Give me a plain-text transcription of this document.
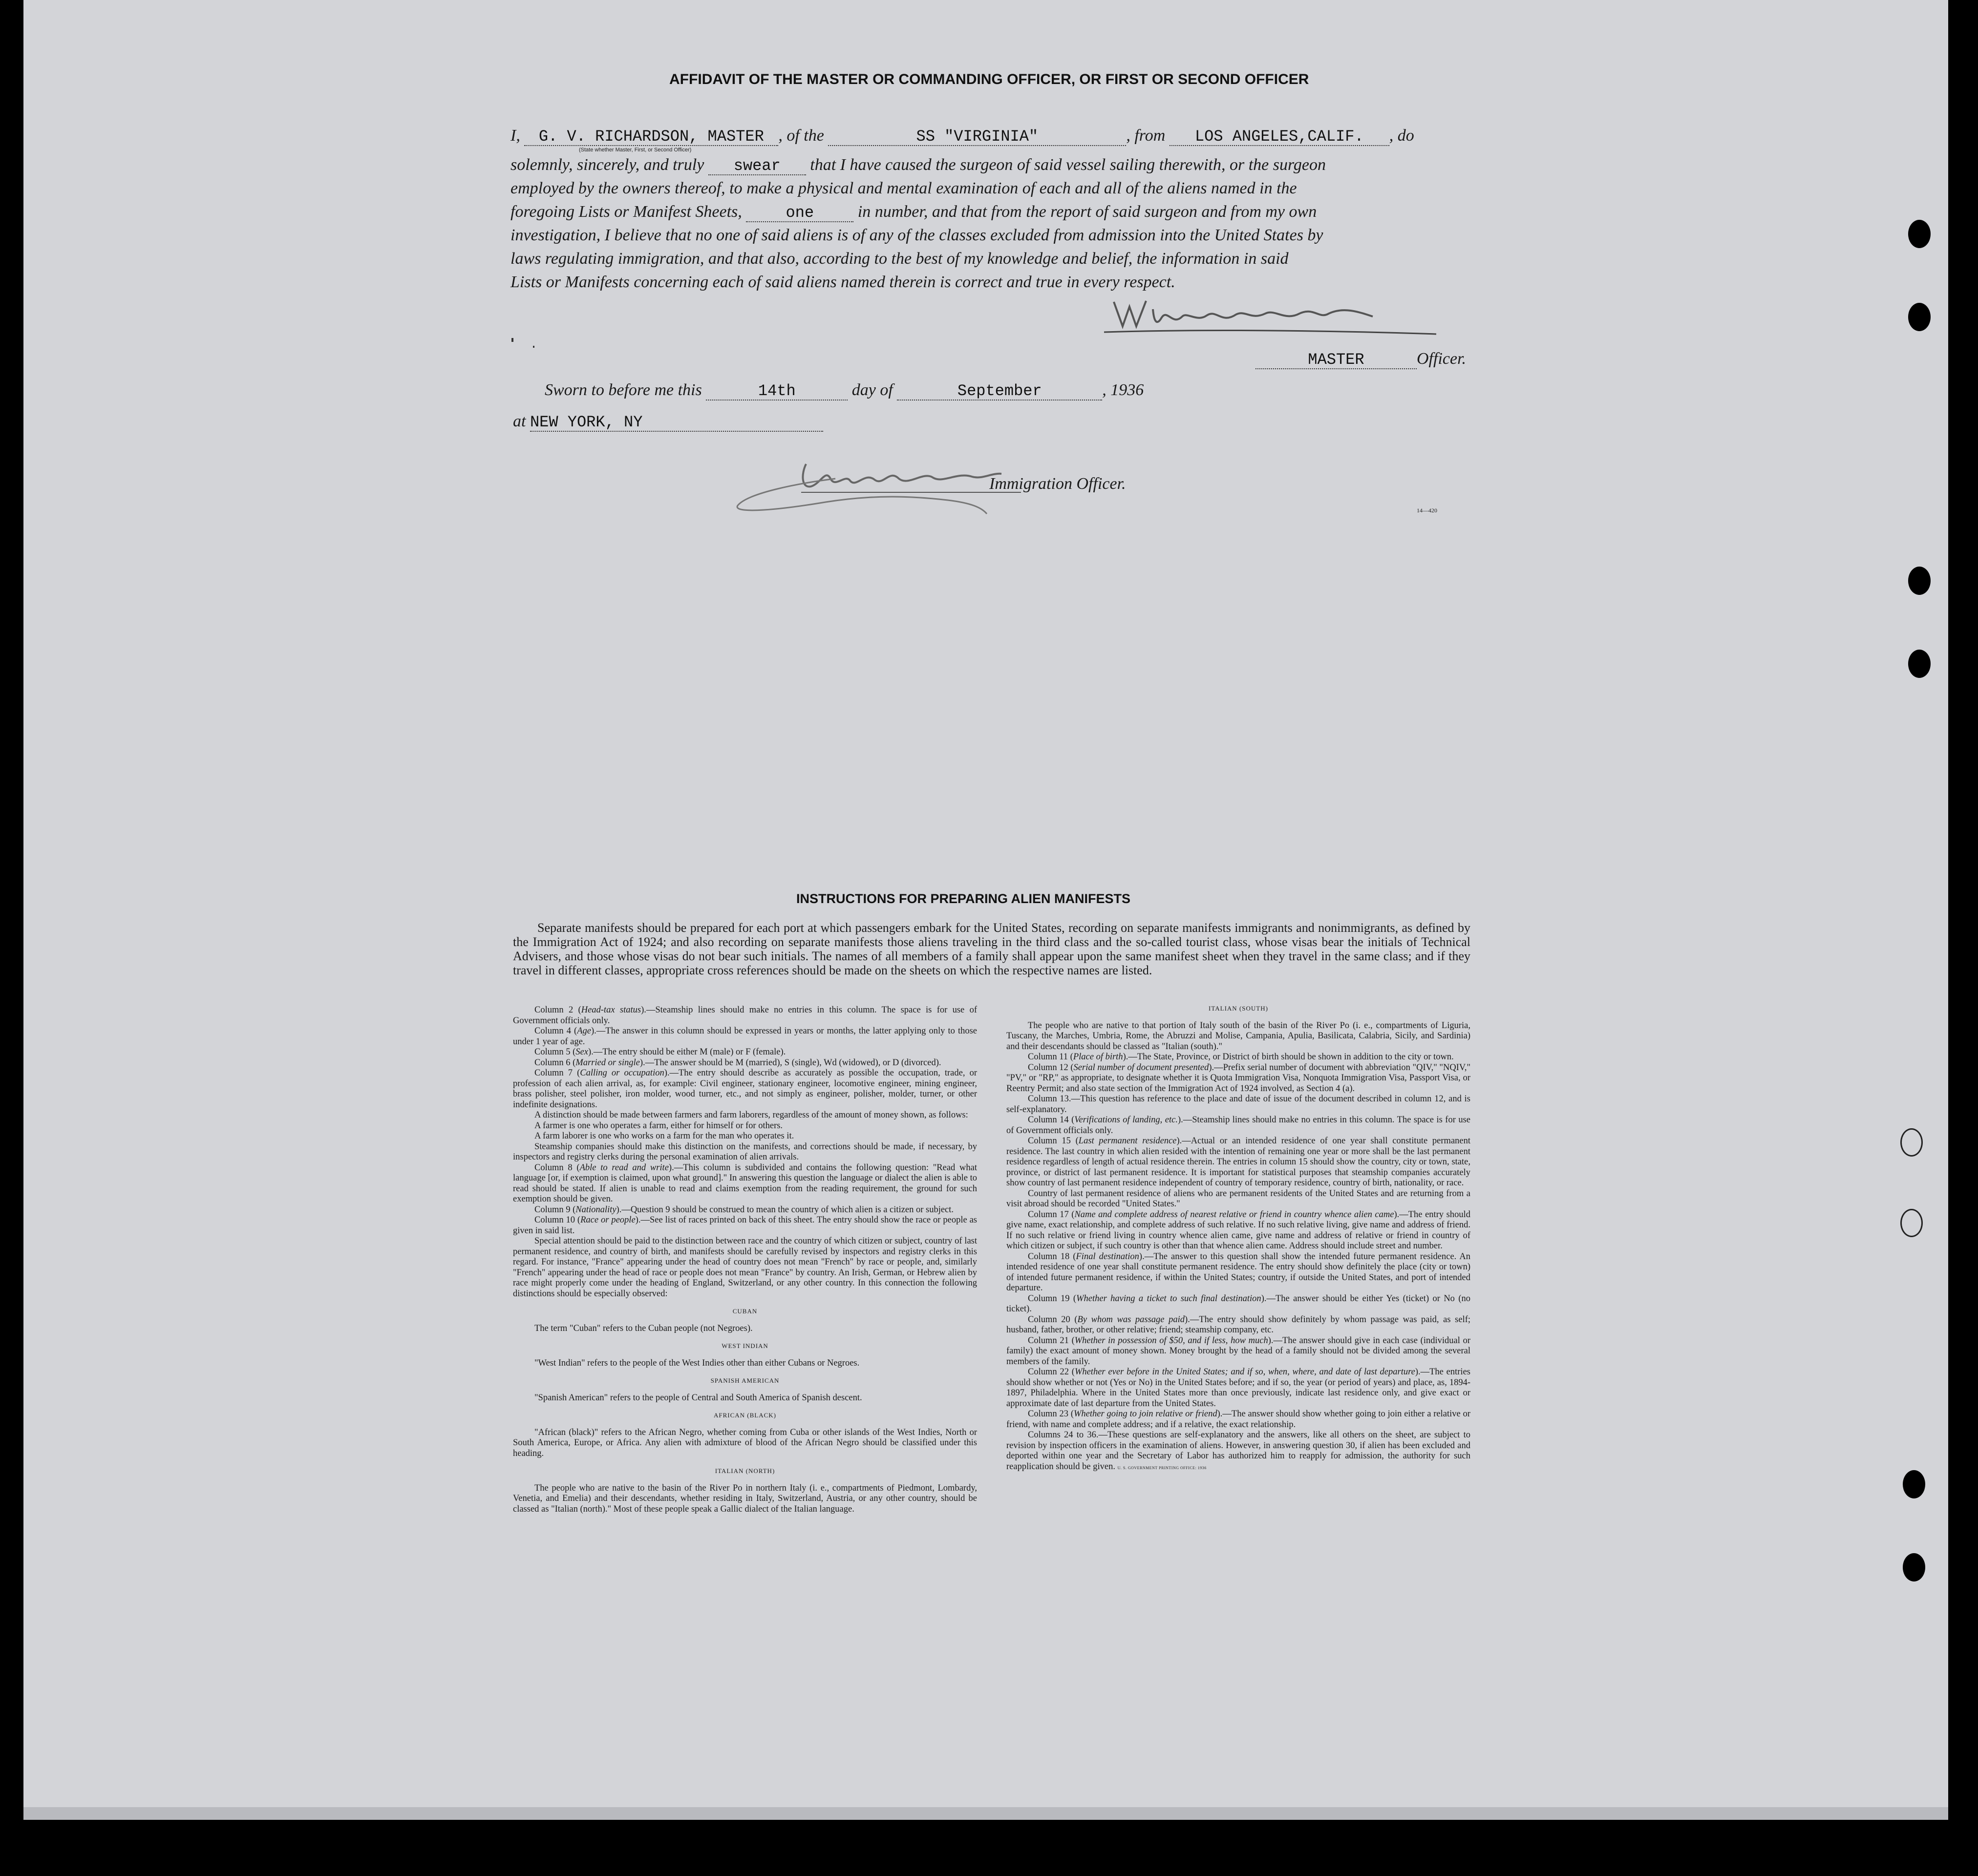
AFFIDAVIT OF THE MASTER OR COMMANDING OFFICER, OR FIRST OR SECOND OFFICER
I, G. V. RICHARDSON, MASTER , of the	SS "VIRGINIA"	, from LOS ANGELES,CALIF. , do
(State whether Master, First, or Second Officer)
solemnly, sincerely, and truly swear that I have caused the surgeon of said vessel sailing therewith, or the surgeon
employed by the owners thereof, to make a physical and mental examination of each and all of the aliens named in the
foregoing Lists or Manifest Sheets,	one	in number, and that from the report of said surgeon and from my own
investigation, I believe that no one of said aliens is of any of the classes excluded from admission into the United States by
laws regulating immigration, and that also, according to the best of my knowledge and belief, the information in said
Lists or Manifests concerning each of said aliens named therein is correct and true in every respect.
MASTER	Officer.
Sworn to before me this	14th	day of	September	, 1936
at NEW YORK, NY
Immigration Officer.
14—420
INSTRUCTIONS FOR PREPARING ALIEN MANIFESTS
Separate manifests should be prepared for each port at which passengers embark for the United States, recording on separate manifests immigrants and nonimmigrants, as defined by the Immigration Act of 1924; and also recording on separate manifests those aliens traveling in the third class and the so-called tourist class, whose visas bear the initials of Technical Advisers, and those whose visas do not bear such initials. The names of all members of a family shall appear upon the same manifest sheet when they travel in the same class; and if they travel in different classes, appropriate cross references should be made on the sheets on which the respective names are listed.

Column 2 (Head-tax status).—Steamship lines should make no entries in this column. The space is for use of Government officials only.

Column 4 (Age).—The answer in this column should be expressed in years or months, the latter applying only to those under 1 year of age.

Column 5 (Sex).—The entry should be either M (male) or F (female).

Column 6 (Married or single).—The answer should be M (married), S (single), Wd (widowed), or D (divorced).

Column 7 (Calling or occupation).—The entry should describe as accurately as possible the occupation, trade, or profession of each alien arrival, as, for example: Civil engineer, stationary engineer, locomotive engineer, mining engineer, brass polisher, steel polisher, iron molder, wood turner, etc., and not simply as engineer, polisher, molder, turner, or other indefinite designations.

A distinction should be made between farmers and farm laborers, regardless of the amount of money shown, as follows:

A farmer is one who operates a farm, either for himself or for others.

A farm laborer is one who works on a farm for the man who operates it.

Steamship companies should make this distinction on the manifests, and corrections should be made, if necessary, by inspectors and registry clerks during the personal examination of alien arrivals.

Column 8 (Able to read and write).—This column is subdivided and contains the following question: "Read what language [or, if exemption is claimed, upon what ground]." In answering this question the language or dialect the alien is able to read should be stated. If alien is unable to read and claims exemption from the reading requirement, the ground for such exemption should be given.

Column 9 (Nationality).—Question 9 should be construed to mean the country of which alien is a citizen or subject.

Column 10 (Race or people).—See list of races printed on back of this sheet. The entry should show the race or people as given in said list.

Special attention should be paid to the distinction between race and the country of which citizen or subject, country of last permanent residence, and country of birth, and manifests should be carefully revised by inspectors and registry clerks in this regard. For instance, "France" appearing under the head of country does not mean "French" by race or people, and, similarly "French" appearing under the head of race or people does not mean "France" by country. An Irish, German, or Hebrew alien by race might properly come under the heading of England, Switzerland, or any other country. In this connection the following distinctions should be especially observed:

CUBAN

The term "Cuban" refers to the Cuban people (not Negroes).

WEST INDIAN

"West Indian" refers to the people of the West Indies other than either Cubans or Negroes.

SPANISH AMERICAN

"Spanish American" refers to the people of Central and South America of Spanish descent.

AFRICAN (BLACK)

"African (black)" refers to the African Negro, whether coming from Cuba or other islands of the West Indies, North or South America, Europe, or Africa. Any alien with admixture of blood of the African Negro should be classified under this heading.

ITALIAN (NORTH)

The people who are native to the basin of the River Po in northern Italy (i. e., compartments of Piedmont, Lombardy, Venetia, and Emelia) and their descendants, whether residing in Italy, Switzerland, Austria, or any other country, should be classed as "Italian (north)." Most of these people speak a Gallic dialect of the Italian language.

ITALIAN (SOUTH)

The people who are native to that portion of Italy south of the basin of the River Po (i. e., compartments of Liguria, Tuscany, the Marches, Umbria, Rome, the Abruzzi and Molise, Campania, Apulia, Basilicata, Calabria, Sicily, and Sardinia) and their descendants should be classed as "Italian (south)."

Column 11 (Place of birth).—The State, Province, or District of birth should be shown in addition to the city or town.

Column 12 (Serial number of document presented).—Prefix serial number of document with abbreviation "QIV," "NQIV," "PV," or "RP," as appropriate, to designate whether it is Quota Immigration Visa, Nonquota Immigration Visa, Passport Visa, or Reentry Permit; and also state section of the Immigration Act of 1924 involved, as Section 4 (a).

Column 13.—This question has reference to the place and date of issue of the document described in column 12, and is self-explanatory.

Column 14 (Verifications of landing, etc.).—Steamship lines should make no entries in this column. The space is for use of Government officials only.

Column 15 (Last permanent residence).—Actual or an intended residence of one year shall constitute permanent residence. The last country in which alien resided with the intention of remaining one year or more shall be the last permanent residence regardless of length of actual residence therein. The entries in column 15 should show the country, city or town, state, province, or district of last permanent residence. It is important for statistical purposes that steamship companies accurately show country of last permanent residence independent of country of temporary residence, country of birth, nationality, or race.

Country of last permanent residence of aliens who are permanent residents of the United States and are returning from a visit abroad should be recorded "United States."

Column 17 (Name and complete address of nearest relative or friend in country whence alien came).—The entry should give name, exact relationship, and complete address of such relative. If no such relative living, give name and address of friend. If no such relative or friend living in country whence alien came, give name and address of relative or friend in country of which citizen or subject, if such country is other than that whence alien came. Address should include street and number.

Column 18 (Final destination).—The answer to this question shall show the intended future permanent residence. An intended residence of one year shall constitute permanent residence. The entry should show definitely the place (city or town) of intended future permanent residence, if within the United States; country, if outside the United States, and port of intended departure.

Column 19 (Whether having a ticket to such final destination).—The answer should be either Yes (ticket) or No (no ticket).

Column 20 (By whom was passage paid).—The entry should show definitely by whom passage was paid, as self; husband, father, brother, or other relative; friend; steamship company, etc.

Column 21 (Whether in possession of $50, and if less, how much).—The answer should give in each case (individual or family) the exact amount of money shown. Money brought by the head of a family should not be divided among the several members of the family.

Column 22 (Whether ever before in the United States; and if so, when, where, and date of last departure).—The entries should show whether or not (Yes or No) in the United States before; and if so, the year (or period of years) and place, as, 1894-1897, Philadelphia. Where in the United States more than once previously, indicate last residence only, and give exact or approximate date of last departure from the United States.

Column 23 (Whether going to join relative or friend).—The answer should show whether going to join either a relative or friend, with name and complete address; and if a relative, the exact relationship.

Columns 24 to 36.—These questions are self-explanatory and the answers, like all others on the sheet, are subject to revision by inspection officers in the examination of aliens. However, in answering question 30, if alien has been excluded and deported within one year and the Secretary of Labor has authorized him to reapply for admission, the authority for such reapplication should be given. U. S. GOVERNMENT PRINTING OFFICE: 1936
